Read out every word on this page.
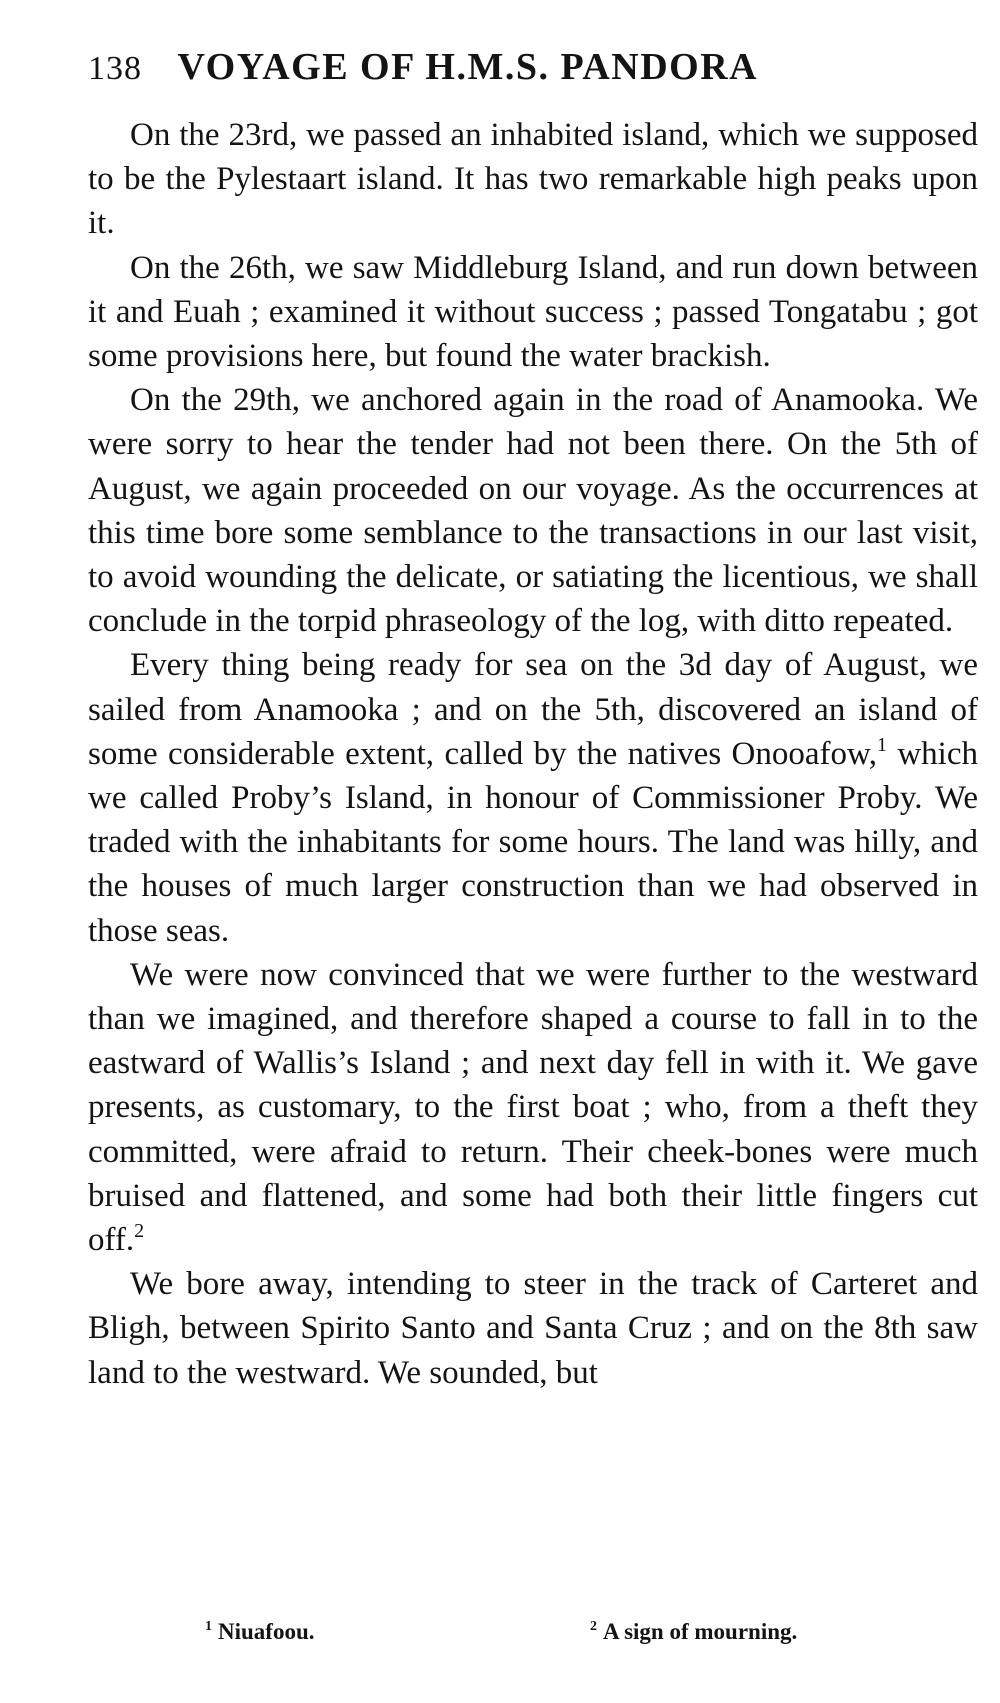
138 VOYAGE OF H.M.S. PANDORA

On the 23rd, we passed an inhabited island, which we supposed to be the Pylestaart island. It has two remarkable high peaks upon it.

On the 26th, we saw Middleburg Island, and run down between it and Euah ; examined it without success ; passed Tongatabu ; got some provisions here, but found the water brackish.

On the 29th, we anchored again in the road of Anamooka. We were sorry to hear the tender had not been there. On the 5th of August, we again proceeded on our voyage. As the occurrences at this time bore some semblance to the transactions in our last visit, to avoid wounding the delicate, or satiating the licentious, we shall conclude in the torpid phraseology of the log, with ditto repeated.

Every thing being ready for sea on the 3d day of August, we sailed from Anamooka ; and on the 5th, discovered an island of some considerable extent, called by the natives Onooafow,$^1$ which we called Proby’s Island, in honour of Commissioner Proby. We traded with the inhabitants for some hours. The land was hilly, and the houses of much larger construction than we had observed in those seas.

We were now convinced that we were further to the westward than we imagined, and therefore shaped a course to fall in to the eastward of Wallis’s Island ; and next day fell in with it. We gave presents, as customary, to the first boat ; who, from a theft they committed, were afraid to return. Their cheek-bones were much bruised and flattened, and some had both their little fingers cut off.$^2$

We bore away, intending to steer in the track of Carteret and Bligh, between Spirito Santo and Santa Cruz ; and on the 8th saw land to the westward. We sounded, but

$^1$ Niuafoou.	$^2$ A sign of mourning.
